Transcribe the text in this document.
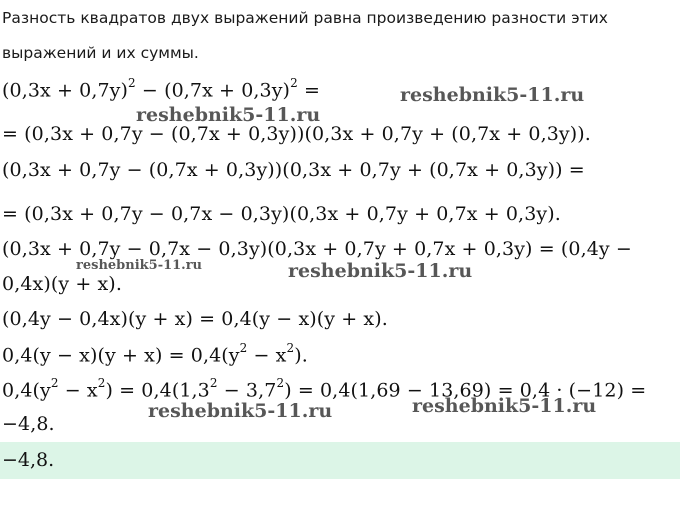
Разность квадратов двух выражений равна произведению разности этих
выражений и их суммы.
$(0,3x + 0,7y)^2 - (0,7x + 0,3y)^2$ =
= (0,3x + 0,7y − (0,7x + 0,3y))(0,3x + 0,7y + (0,7x + 0,3y)).
(0,3x + 0,7y − (0,7x + 0,3y))(0,3x + 0,7y + (0,7x + 0,3y)) =
= (0,3x + 0,7y − 0,7x − 0,3y)(0,3x + 0,7y + 0,7x + 0,3y).
(0,3x + 0,7y − 0,7x − 0,3y)(0,3x + 0,7y + 0,7x + 0,3y) = (0,4y −
0,4x)(y + x).
(0,4y − 0,4x)(y + x) = 0,4(y − x)(y + x).
$0,4(y - x)(y + x) = 0,4(y^2 - x^2)$.
$0,4(y^2 - x^2) = 0,4(1,3^2 - 3,7^2) = 0,4(1,69 - 13,69) = 0,4 \cdot (-12)$ =
−4,8.
−4,8.
reshebnik5-11.ru
reshebnik5-11.ru
reshebnik5-11.ru	reshebnik5-11.ru
reshebnik5-11.ru	reshebnik5-11.ru
